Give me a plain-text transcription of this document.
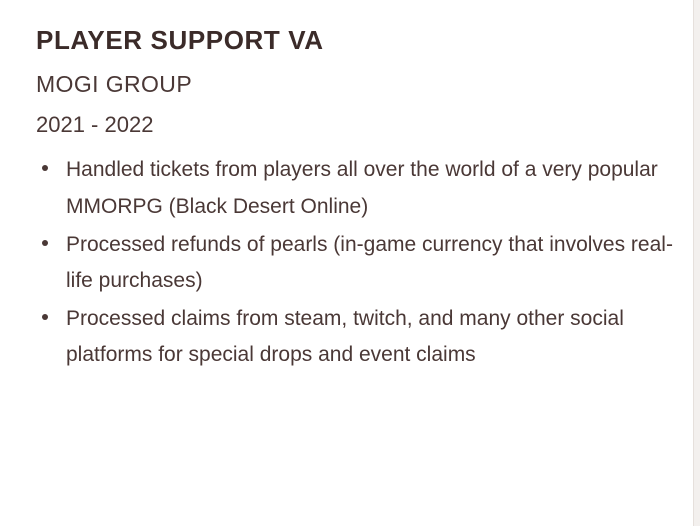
PLAYER SUPPORT VA
MOGI GROUP
2021 - 2022
Handled tickets from players all over the world of a very popular MMORPG (Black Desert Online)
Processed refunds of pearls (in-game currency that involves real-life purchases)
Processed claims from steam, twitch, and many other social platforms for special drops and event claims
